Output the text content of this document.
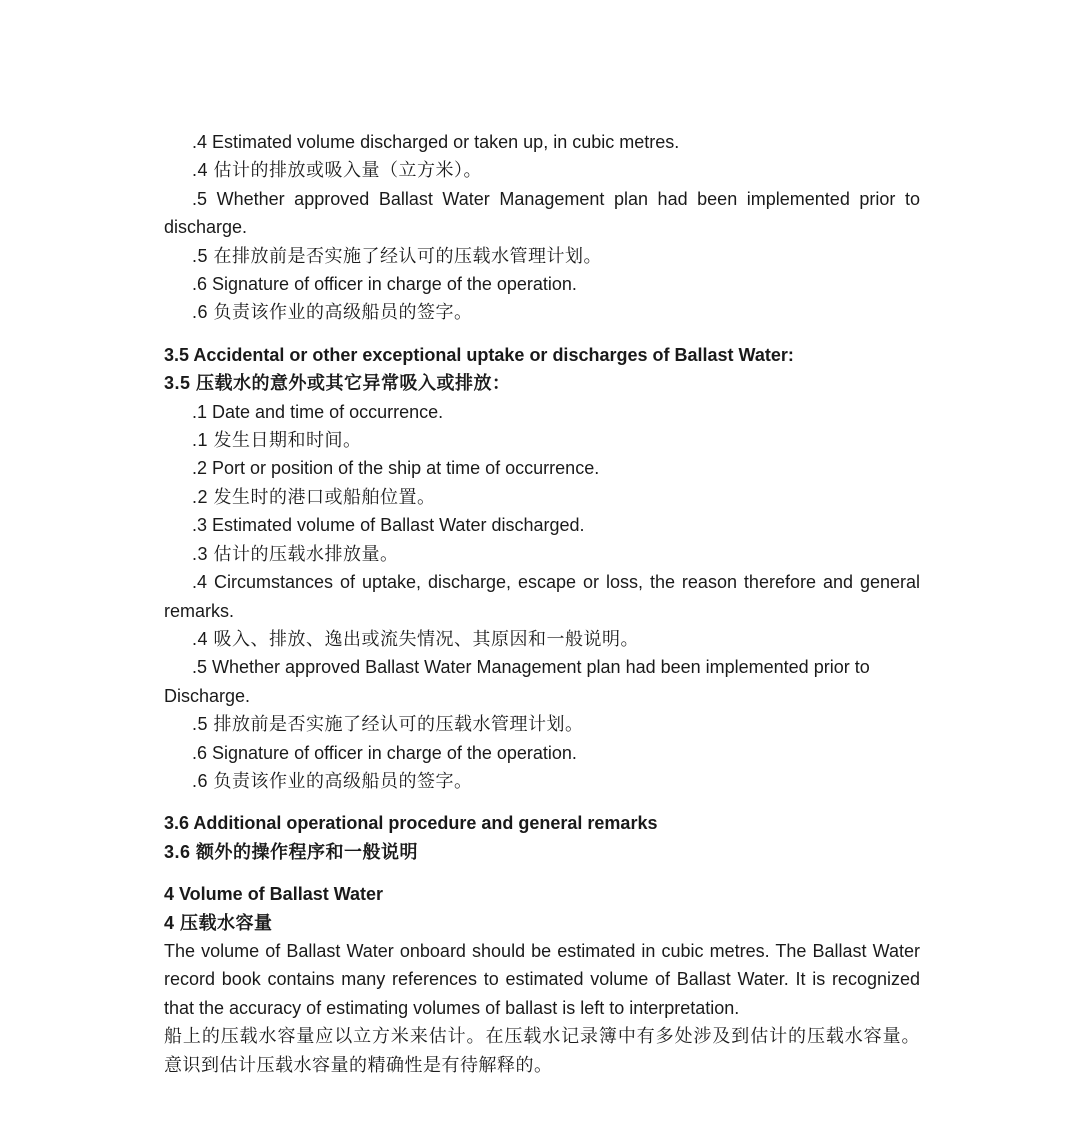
.4 Estimated volume discharged or taken up, in cubic metres.

.4 估计的排放或吸入量（立方米）。

.5 Whether approved Ballast Water Management plan had been implemented prior to discharge.

.5 在排放前是否实施了经认可的压载水管理计划。

.6 Signature of officer in charge of the operation.

.6 负责该作业的高级船员的签字。

3.5 Accidental or other exceptional uptake or discharges of Ballast Water:

3.5 压载水的意外或其它异常吸入或排放：

.1 Date and time of occurrence.

.1 发生日期和时间。

.2 Port or position of the ship at time of occurrence.

.2 发生时的港口或船舶位置。

.3 Estimated volume of Ballast Water discharged.

.3 估计的压载水排放量。

.4 Circumstances of uptake, discharge, escape or loss, the reason therefore and general remarks.

.4 吸入、排放、逸出或流失情况、其原因和一般说明。

.5 Whether approved Ballast Water Management plan had been implemented prior to Discharge.

.5 排放前是否实施了经认可的压载水管理计划。

.6 Signature of officer in charge of the operation.

.6 负责该作业的高级船员的签字。

3.6 Additional operational procedure and general remarks

3.6 额外的操作程序和一般说明

4 Volume of Ballast Water

4 压载水容量

The volume of Ballast Water onboard should be estimated in cubic metres. The Ballast Water record book contains many references to estimated volume of Ballast Water. It is recognized that the accuracy of estimating volumes of ballast is left to interpretation.

船上的压载水容量应以立方米来估计。在压载水记录簿中有多处涉及到估计的压载水容量。意识到估计压载水容量的精确性是有待解释的。
